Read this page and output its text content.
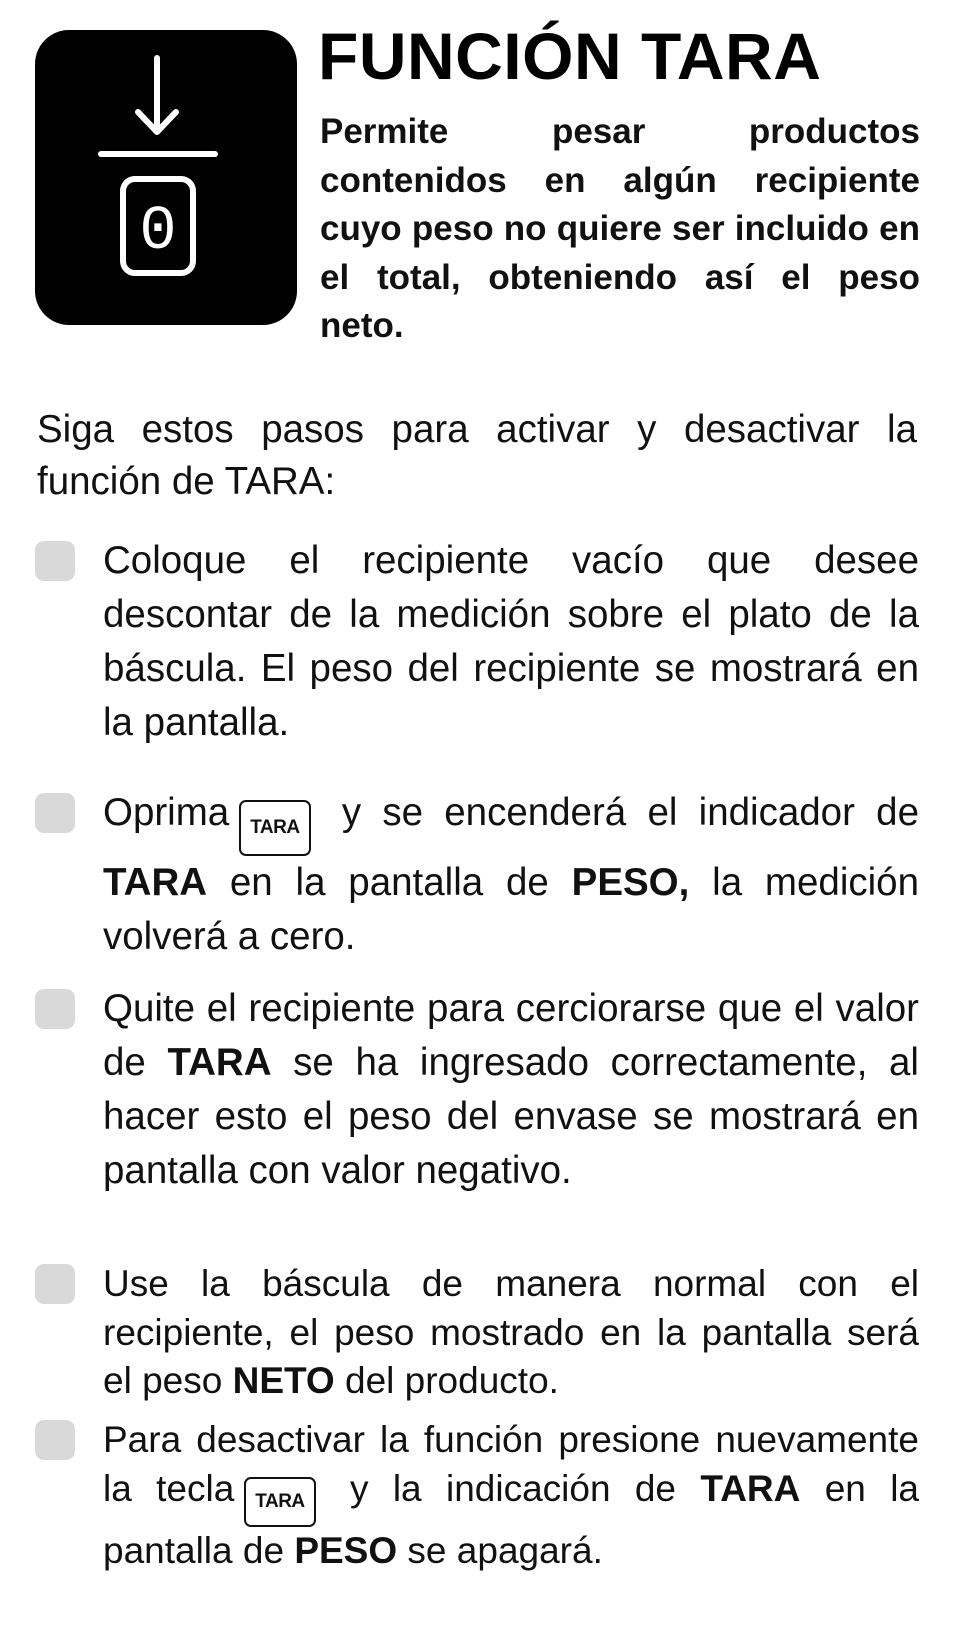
0
FUNCIÓN TARA
Permite pesar productos contenidos en algún recipiente cuyo peso no quiere ser incluido en el total, obteniendo así el peso neto.
Siga estos pasos para activar y desactivar la función de TARA:
Coloque el recipiente vacío que desee descontar de la medición sobre el plato de la báscula. El peso del recipiente se mostrará en la pantalla.
Oprima TARA y se encenderá el indicador de TARA en la pantalla de PESO, la medición volverá a cero.
Quite el recipiente para cerciorarse que el valor de TARA se ha ingresado correctamente, al hacer esto el peso del envase se mostrará en pantalla con valor negativo.
Use la báscula de manera normal con el recipiente, el peso mostrado en la pantalla será el peso NETO del producto.
Para desactivar la función presione nuevamente la tecla TARA y la indicación de TARA en la pantalla de PESO se apagará.
